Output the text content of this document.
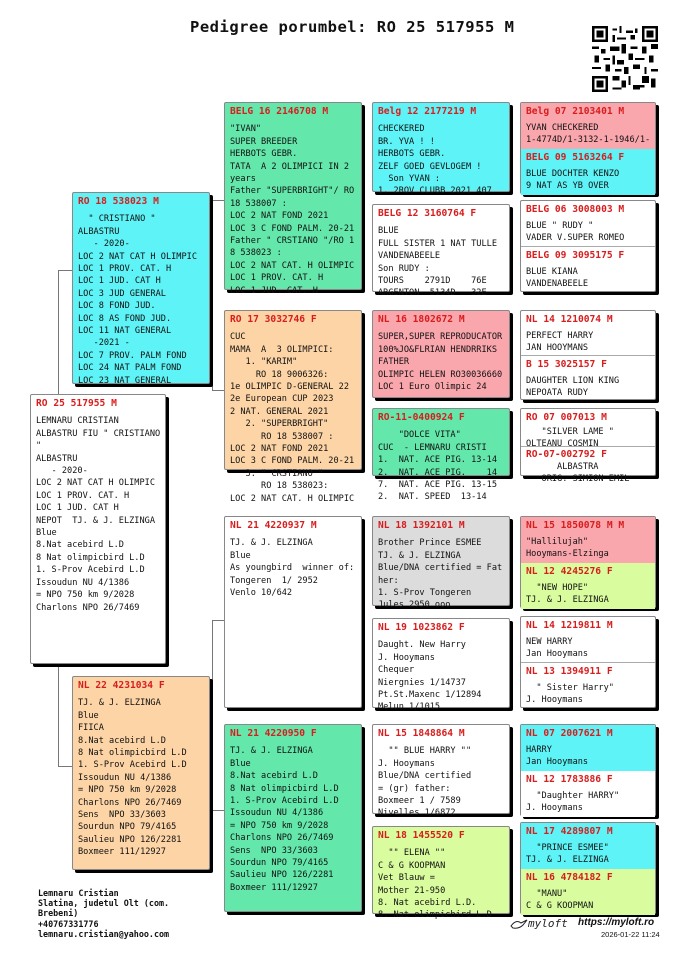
Pedigree porumbel: RO 25 517955 M
RO 25 517955 M
LEMNARU CRISTIAN
ALBASTRU FIU " CRISTIANO
"
ALBASTRU
- 2020-
LOC 2 NAT CAT H OLIMPIC
LOC 1 PROV. CAT. H
LOC 1 JUD. CAT H
NEPOT  TJ. & J. ELZINGA
Blue
8.Nat acebird L.D
8 Nat olimpicbird L.D
1. S-Prov Acebird L.D
Issoudun NU 4/1386
= NPO 750 km 9/2028
Charlons NPO 26/7469
RO 18 538023 M
" CRISTIANO "
ALBASTRU
- 2020-
LOC 2 NAT CAT H OLIMPIC
LOC 1 PROV. CAT. H
LOC 1 JUD. CAT H
LOC 3 JUD GENERAL
LOC 8 FOND JUD.
LOC 8 AS FOND JUD.
LOC 11 NAT GENERAL
-2021 -
LOC 7 PROV. PALM FOND
LOC 24 NAT PALM FOND
LOC 23 NAT GENERAL
NL 22 4231034 F
TJ. & J. ELZINGA
Blue
FIICA
8.Nat acebird L.D
8 Nat olimpicbird L.D
1. S-Prov Acebird L.D
Issoudun NU 4/1386
= NPO 750 km 9/2028
Charlons NPO 26/7469
Sens  NPO 33/3603
Sourdun NPO 79/4165
Saulieu NPO 126/2281
Boxmeer 111/12927
BELG 16 2146708 M
"IVAN"
SUPER BREEDER
HERBOTS GEBR.
TATA  A 2 OLIMPICI IN 2
years
Father "SUPERBRIGHT"/ RO
18 538007 :
LOC 2 NAT FOND 2021
LOC 3 C FOND PALM. 20-21
Father " CRSTIANO "/RO 1
8 538023 :
LOC 2 NAT CAT. H OLIMPIC
LOC 1 PROV. CAT. H
LOC 1 JUD. CAT. H
RO 17 3032746 F
CUC
MAMA  A  3 OLIMPICI:
1. "KARIM"
RO 18 9006326:
1e OLIMPIC D-GENERAL 22
2e European CUP 2023
2 NAT. GENERAL 2021
2. "SUPERBRIGHT"
RO 18 538007 :
LOC 2 NAT FOND 2021
LOC 3 C FOND PALM. 20-21
3. " CRSTIANO "
RO 18 538023:
LOC 2 NAT CAT. H OLIMPIC
NL 21 4220937 M
TJ. & J. ELZINGA
Blue
As youngbird  winner of:
Tongeren  1/ 2952
Venlo 10/642
NL 21 4220950 F
TJ. & J. ELZINGA
Blue
8.Nat acebird L.D
8 Nat olimpicbird L.D
1. S-Prov Acebird L.D
Issoudun NU 4/1386
= NPO 750 km 9/2028
Charlons NPO 26/7469
Sens  NPO 33/3603
Sourdun NPO 79/4165
Saulieu NPO 126/2281
Boxmeer 111/12927
Belg 12 2177219 M
CHECKERED
BR. YVA ! !
HERBOTS GEBR.
ZELF GOED GEVLOGEM !
Son YVAN :
1. 2ROV CLUBB 2021 407
BELG 12 3160764 F
BLUE
FULL SISTER 1 NAT TULLE
VANDENABEELE
Son RUDY :
TOURS    2791D    76E
ARGENTON  5134D   32E
NL 16 1802672 M
SUPER,SUPER REPRODUCATOR
100%JO&FLRIAN HENDRRIKS
FATHER
OLIMPIC HELEN RO30036660
LOC 1 Euro Olimpic 24
RO-11-0400924 F
"DOLCE VITA"
CUC  - LEMNARU CRISTI
1.  NAT. ACE PIG. 13-14
2.  NAT. ACE PIG.    14
7.  NAT. ACE PIG. 13-15
2.  NAT. SPEED  13-14
NL 18 1392101 M
Brother Prince ESMEE
TJ. & J. ELZINGA
Blue/DNA certified = Fat
her:
1. S-Prov Tongeren
Jules 2950 ooo
NL 19 1023862 F
Daught. New Harry
J. Hooymans
Chequer
Niergnies 1/14737
Pt.St.Maxenc 1/12894
Melun 1/1015
NL 15 1848864 M
"" BLUE HARRY ""
J. Hooymans
Blue/DNA certified
= (gr) father:
Boxmeer 1 / 7589
Nivelles 1/6872
NL 18 1455520 F
"" ELENA ""
C & G KOOPMAN
Vet Blauw =
Mother 21-950
8. Nat acebird L.D.
8. Nat olimpicbird L.D
Belg 07 2103401 M
YVAN CHECKERED
1-4774D/1-3132-1-1946/1-
BELG 09 5163264 F
BLUE DOCHTER KENZO
9 NAT AS YB OVER
BELG 06 3008003 M
BLUE " RUDY "
VADER V.SUPER ROMEO
BELG 09 3095175 F
BLUE KIANA
VANDENABEELE
NL 14 1210074 M
PERFECT HARRY
JAN HOOYMANS
B 15 3025157 F
DAUGHTER LION KING
NEPOATA RUDY
RO 07 007013 M
"SILVER LAME "
OLTEANU COSMIN
RO-07-002792 F
ALBASTRA
ORIG. SIMION EMIL
NL 15 1850078 M M
"Hallilujah"
Hooymans-Elzinga
NL 12 4245276 F
"NEW HOPE"
TJ. & J. ELZINGA
NL 14 1219811 M
NEW HARRY
Jan Hooymans
NL 13 1394911 F
" Sister Harry"
J. Hooymans
NL 07 2007621 M
HARRY
Jan Hooymans
NL 12 1783886 F
"Daughter HARRY"
J. Hooymans
NL 17 4289807 M
"PRINCE ESMEE"
TJ. & J. ELZINGA
NL 16 4784182 F
"MANU"
C & G KOOPMAN
Lemnaru Cristian
Slatina, judetul Olt (com.
Brebeni)
+40767331776
lemnaru.cristian@yahoo.com
myloft https://myloft.ro
2026-01-22 11:24
